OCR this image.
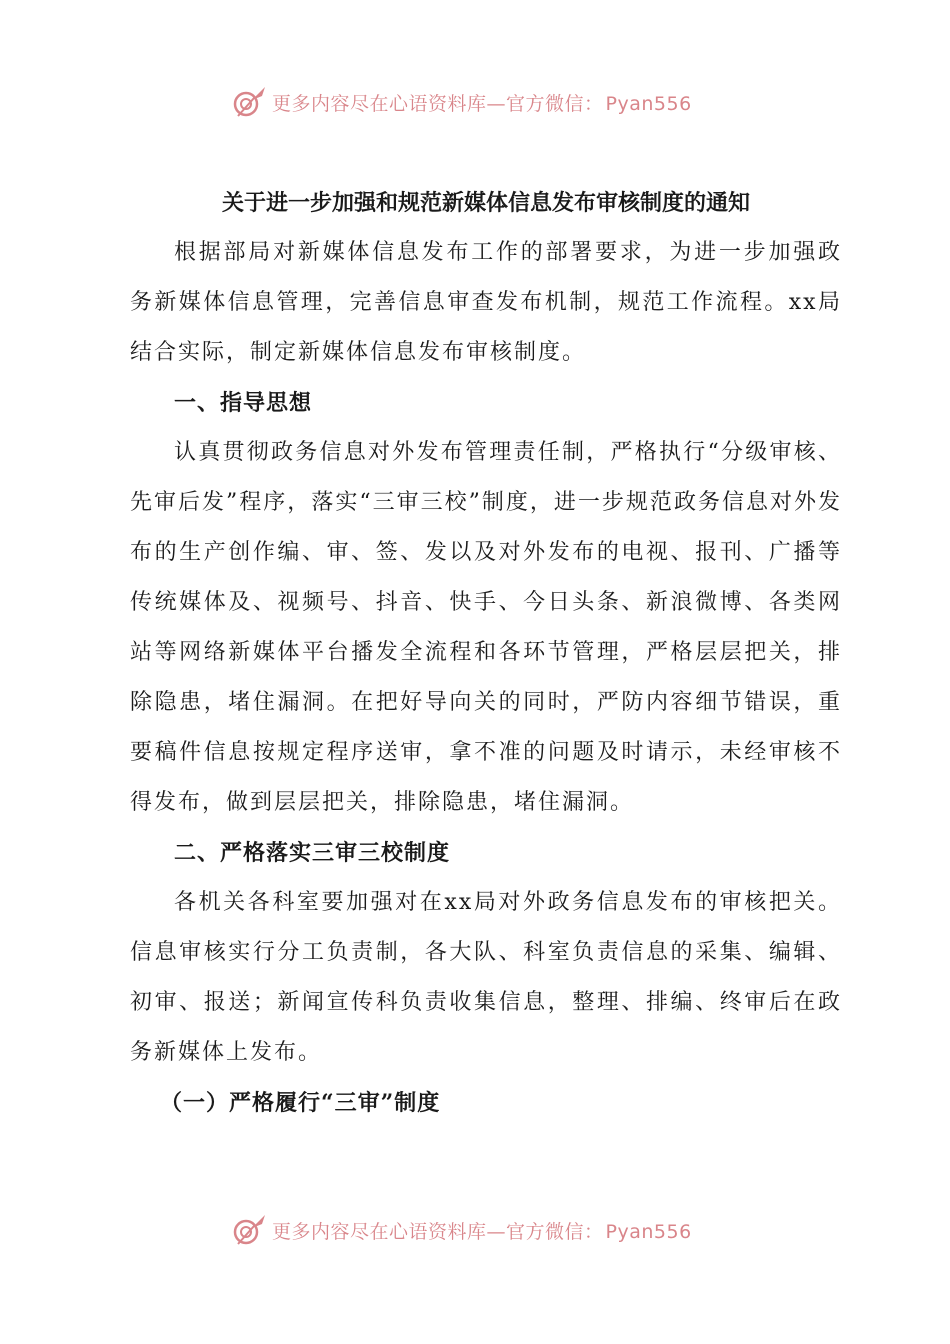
更多内容尽在心语资料库—官方微信： Pyan556

关于进一步加强和规范新媒体信息发布审核制度的通知

根据部局对新媒体信息发布工作的部署要求，为进一步加强政务新媒体信息管理，完善信息审查发布机制，规范工作流程。xx局结合实际，制定新媒体信息发布审核制度。

一、指导思想

认真贯彻政务信息对外发布管理责任制，严格执行“分级审核、先审后发”程序，落实“三审三校”制度，进一步规范政务信息对外发布的生产创作编、审、签、发以及对外发布的电视、报刊、广播等传统媒体及、视频号、抖音、快手、今日头条、新浪微博、各类网站等网络新媒体平台播发全流程和各环节管理，严格层层把关，排除隐患，堵住漏洞。在把好导向关的同时，严防内容细节错误，重要稿件信息按规定程序送审，拿不准的问题及时请示，未经审核不得发布，做到层层把关，排除隐患，堵住漏洞。

二、严格落实三审三校制度

各机关各科室要加强对在xx局对外政务信息发布的审核把关。信息审核实行分工负责制，各大队、科室负责信息的采集、编辑、初审、报送；新闻宣传科负责收集信息，整理、排编、终审后在政务新媒体上发布。

（一）严格履行“三审”制度

更多内容尽在心语资料库—官方微信： Pyan556
